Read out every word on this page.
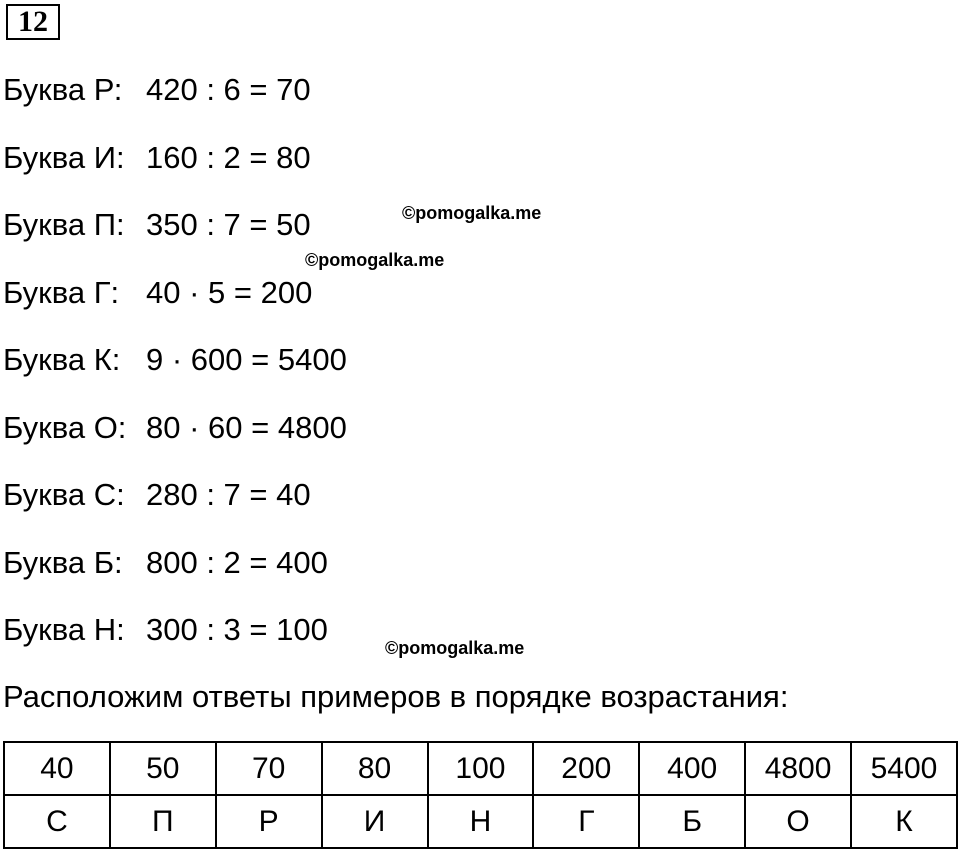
12
Буква Р: 420 : 6 = 70
Буква И: 160 : 2 = 80
Буква П: 350 : 7 = 50
Буква Г: 40 · 5 = 200
Буква К: 9 · 600 = 5400
Буква О: 80 · 60 = 4800
Буква С: 280 : 7 = 40
Буква Б: 800 : 2 = 400
Буква Н: 300 : 3 = 100
©pomogalka.me
©pomogalka.me
©pomogalka.me
Расположим ответы примеров в порядке возрастания:
40	50	70	80	100	200	400	4800	5400
С	П	Р	И	Н	Г	Б	О	К
